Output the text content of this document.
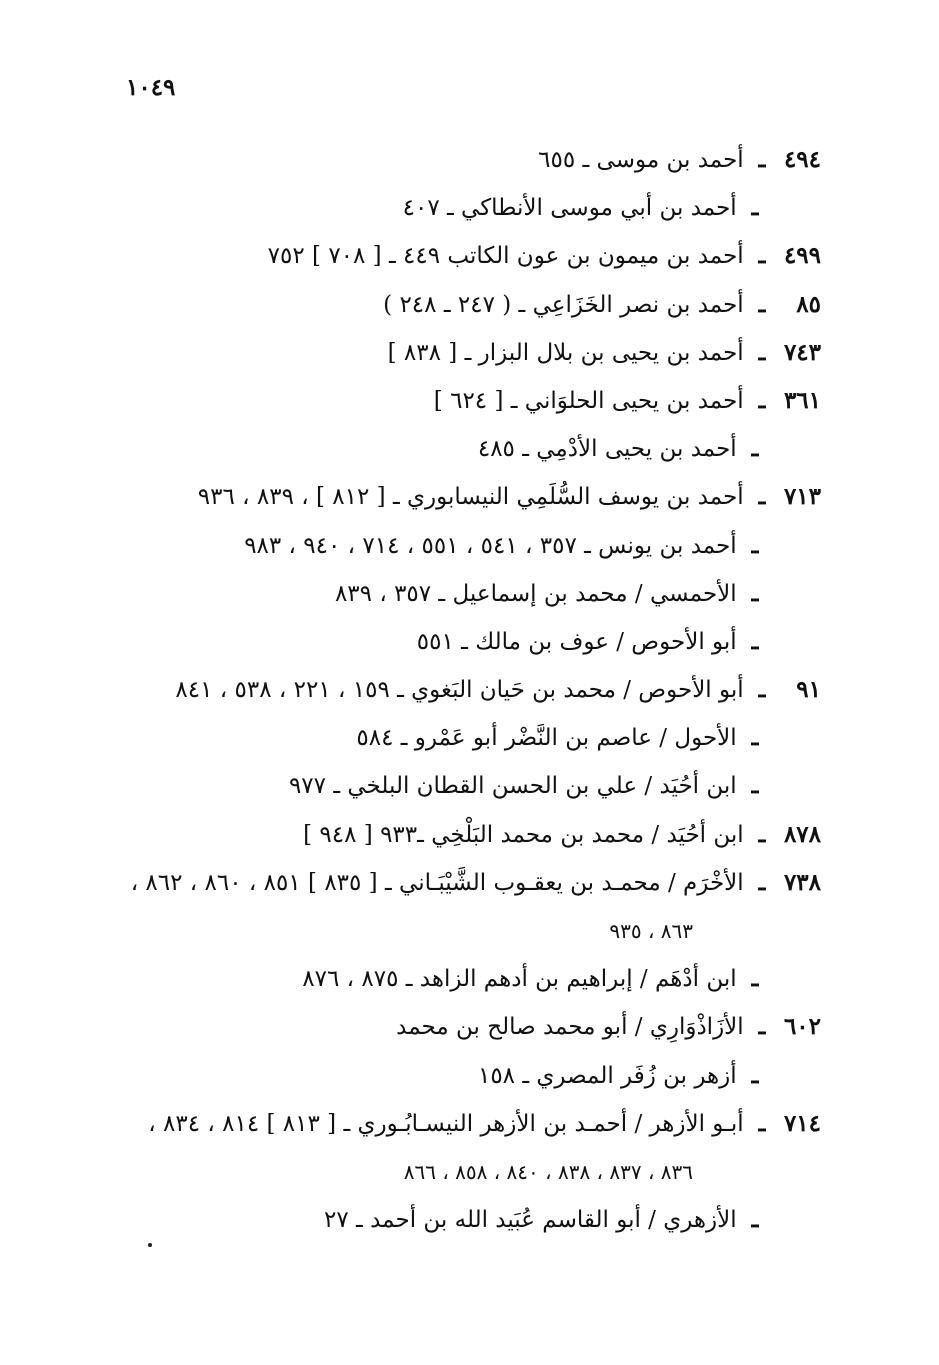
١٠٤٩
٤٩٤ـ أحمد بن موسى ـ ٦٥٥
ـ أحمد بن أبي موسى الأنطاكي ـ ٤٠٧
٤٩٩ـ أحمد بن ميمون بن عون الكاتب ٤٤٩ ـ [ ٧٠٨ ] ٧٥٢
٨٥ـ أحمد بن نصر الخَزَاعِي ـ ( ٢٤٧ ـ ٢٤٨ )
٧٤٣ـ أحمد بن يحيى بن بلال البزار ـ [ ٨٣٨ ]
٣٦١ـ أحمد بن يحيى الحلوَاني ـ [ ٦٢٤ ]
ـ أحمد بن يحيى الأدْمِي ـ ٤٨٥
٧١٣ـ أحمد بن يوسف السُّلَمِي النيسابوري ـ [ ٨١٢ ] ، ٨٣٩ ، ٩٣٦
ـ أحمد بن يونس ـ ٣٥٧ ، ٥٤١ ، ٥٥١ ، ٧١٤ ، ٩٤٠ ، ٩٨٣
ـ الأحمسي / محمد بن إسماعيل ـ ٣٥٧ ، ٨٣٩
ـ أبو الأحوص / عوف بن مالك ـ ٥٥١
٩١ـ أبو الأحوص / محمد بن حَيان البَغوي ـ ١٥٩ ، ٢٢١ ، ٥٣٨ ، ٨٤١
ـ الأحول / عاصم بن النَّضْر أبو عَمْرو ـ ٥٨٤
ـ ابن أحُيَد / علي بن الحسن القطان البلخي ـ ٩٧٧
٨٧٨ـ ابن أحُيَد / محمد بن محمد البَلْخِي ـ٩٣٣ [ ٩٤٨ ]
٧٣٨ـ الأخْرَم / محمـد بن يعقـوب الشَّيْبَـاني ـ [ ٨٣٥ ] ٨٥١ ، ٨٦٠ ، ٨٦٢ ،
٨٦٣ ، ٩٣٥
ـ ابن أدْهَم / إبراهيم بن أدهم الزاهد ـ ٨٧٥ ، ٨٧٦
٦٠٢ـ الأزَاذْوَارِي / أبو محمد صالح بن محمد
ـ أزهر بن زُفَر المصري ـ ١٥٨
٧١٤ـ أبـو الأزهر / أحمـد بن الأزهر النيسـابُـوري ـ [ ٨١٣ ] ٨١٤ ، ٨٣٤ ،
٨٣٦ ، ٨٣٧ ، ٨٣٨ ، ٨٤٠ ، ٨٥٨ ، ٨٦٦
ـ الأزهري / أبو القاسم عُبَيد الله بن أحمد ـ ٢٧
